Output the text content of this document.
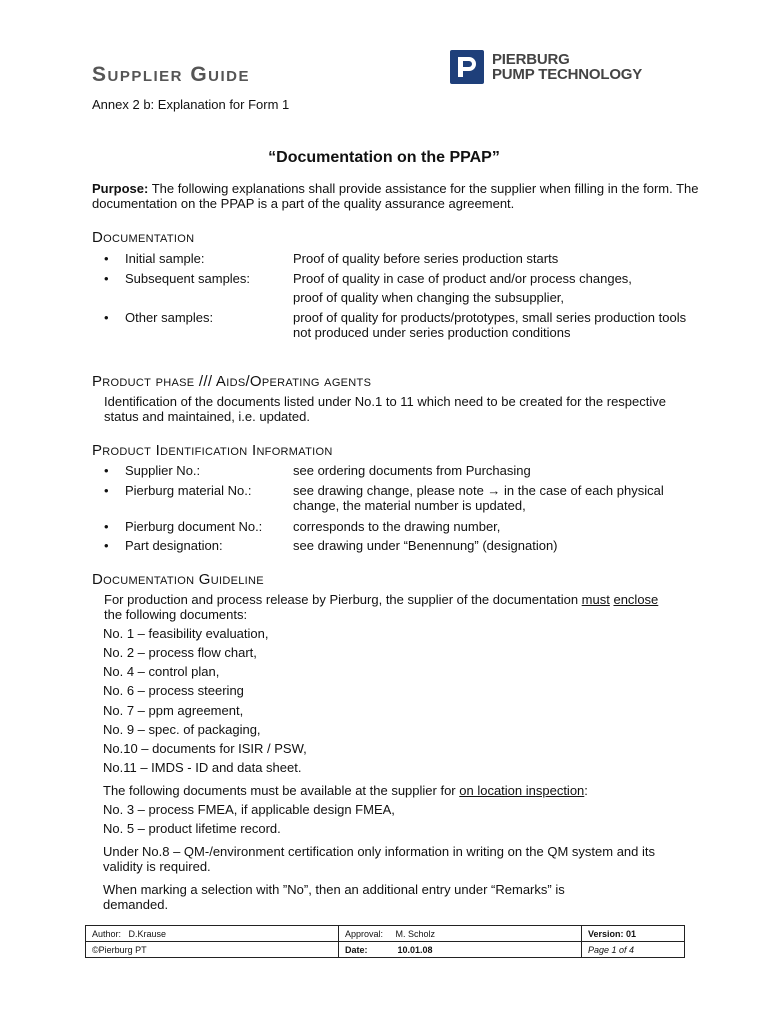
Supplier Guide
Annex 2 b: Explanation for Form 1
PIERBURG
PUMP TECHNOLOGY
“Documentation on the PPAP”
Purpose: The following explanations shall provide assistance for the supplier when filling in the form. The documentation on the PPAP is a part of the quality assurance agreement.
Documentation
• Initial sample:	Proof of quality before series production starts
• Subsequent samples:	Proof of quality in case of product and/or process changes,
proof of quality when changing the subsupplier,
• Other samples:	proof of quality for products/prototypes, small series production tools not produced under series production conditions
Product phase /// Aids/Operating agents
Identification of the documents listed under No.1 to 11 which need to be created for the respective status and maintained, i.e. updated.
Product Identification Information
• Supplier No.:	see ordering documents from Purchasing
• Pierburg material No.:	see drawing change, please note → in the case of each physical change, the material number is updated,
• Pierburg document No.: corresponds to the drawing number,
• Part designation:	see drawing under “Benennung” (designation)
Documentation Guideline
For production and process release by Pierburg, the supplier of the documentation must enclose the following documents:
No. 1 – feasibility evaluation,
No. 2 – process flow chart,
No. 4 – control plan,
No. 6 – process steering
No. 7 – ppm agreement,
No. 9 – spec. of packaging,
No.10 – documents for ISIR / PSW,
No.11 – IMDS - ID and data sheet.
The following documents must be available at the supplier for on location inspection:
No. 3 – process FMEA, if applicable design FMEA,
No. 5 – product lifetime record.
Under No.8 – QM-/environment certification only information in writing on the QM system and its validity is required.
When marking a selection with ”No”, then an additional entry under “Remarks” is demanded.
Author: D.Krause	Approval: M. Scholz	Version: 01
©Pierburg PT	Date: 10.01.08	Page 1 of 4
